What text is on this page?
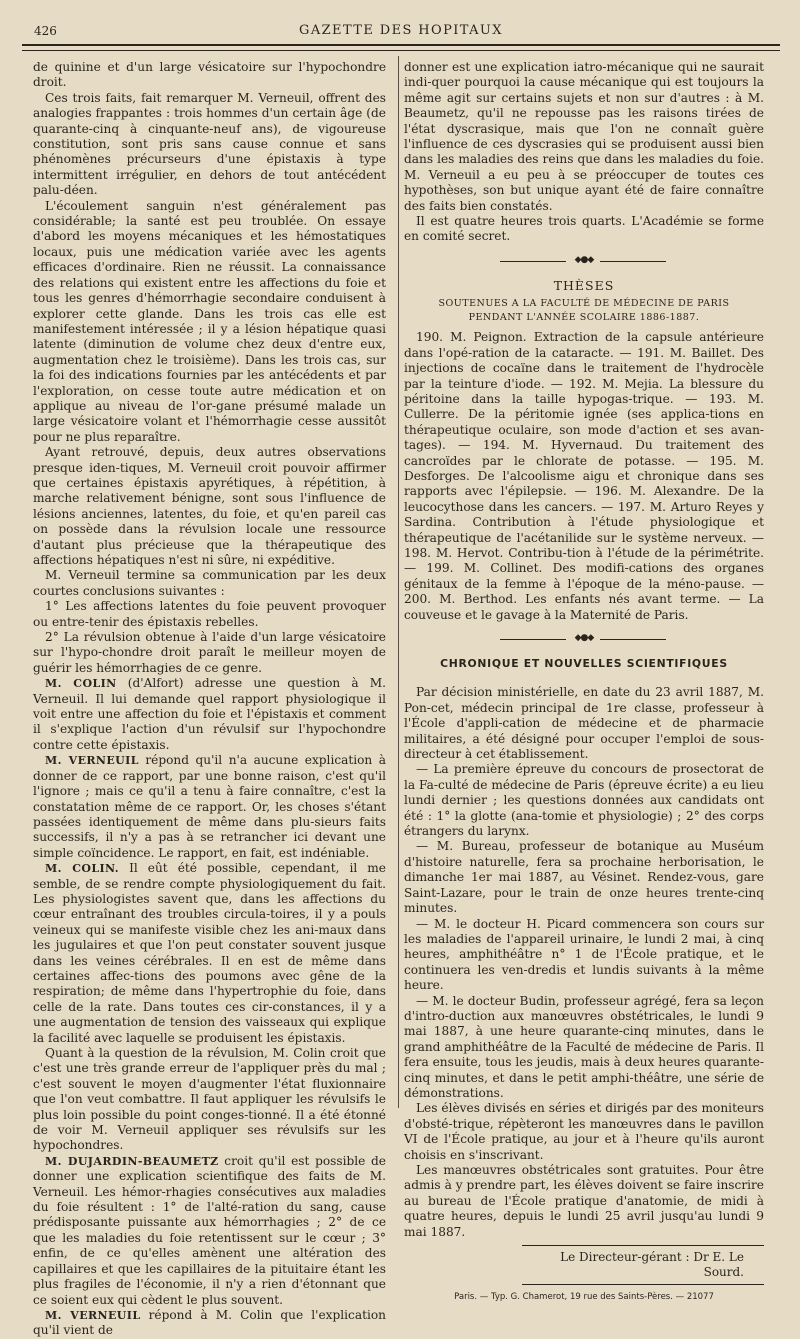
426	GAZETTE DES HOPITAUX

de quinine et d'un large vésicatoire sur l'hypochondre droit.

Ces trois faits, fait remarquer M. Verneuil, offrent des analogies frappantes : trois hommes d'un certain âge (de quarante-cinq à cinquante-neuf ans), de vigoureuse constitution, sont pris sans cause connue et sans phénomènes précurseurs d'une épistaxis à type intermittent irrégulier, en dehors de tout antécédent palu-déen.

L'écoulement sanguin n'est généralement pas considérable; la santé est peu troublée. On essaye d'abord les moyens mécaniques et les hémostatiques locaux, puis une médication variée avec les agents efficaces d'ordinaire. Rien ne réussit. La connaissance des relations qui existent entre les affections du foie et tous les genres d'hémorrhagie secondaire conduisent à explorer cette glande. Dans les trois cas elle est manifestement intéressée ; il y a lésion hépatique quasi latente (diminution de volume chez deux d'entre eux, augmentation chez le troisième). Dans les trois cas, sur la foi des indications fournies par les antécédents et par l'exploration, on cesse toute autre médication et on applique au niveau de l'or-gane présumé malade un large vésicatoire volant et l'hémorrhagie cesse aussitôt pour ne plus reparaître.

Ayant retrouvé, depuis, deux autres observations presque iden-tiques, M. Verneuil croit pouvoir affirmer que certaines épistaxis apyrétiques, à répétition, à marche relativement bénigne, sont sous l'influence de lésions anciennes, latentes, du foie, et qu'en pareil cas on possède dans la révulsion locale une ressource d'autant plus précieuse que la thérapeutique des affections hépatiques n'est ni sûre, ni expéditive.

M. Verneuil termine sa communication par les deux courtes conclusions suivantes :

1° Les affections latentes du foie peuvent provoquer ou entre-tenir des épistaxis rebelles.

2° La révulsion obtenue à l'aide d'un large vésicatoire sur l'hypo-chondre droit paraît le meilleur moyen de guérir les hémorrhagies de ce genre.

M. COLIN (d'Alfort) adresse une question à M. Verneuil. Il lui demande quel rapport physiologique il voit entre une affection du foie et l'épistaxis et comment il s'explique l'action d'un révulsif sur l'hypochondre contre cette épistaxis.

M. VERNEUIL répond qu'il n'a aucune explication à donner de ce rapport, par une bonne raison, c'est qu'il l'ignore ; mais ce qu'il a tenu à faire connaître, c'est la constatation même de ce rapport. Or, les choses s'étant passées identiquement de même dans plu-sieurs faits successifs, il n'y a pas à se retrancher ici devant une simple coïncidence. Le rapport, en fait, est indéniable.

M. COLIN. Il eût été possible, cependant, il me semble, de se rendre compte physiologiquement du fait. Les physiologistes savent que, dans les affections du cœur entraînant des troubles circula-toires, il y a pouls veineux qui se manifeste visible chez les ani-maux dans les jugulaires et que l'on peut constater souvent jusque dans les veines cérébrales. Il en est de même dans certaines affec-tions des poumons avec gêne de la respiration; de même dans l'hypertrophie du foie, dans celle de la rate. Dans toutes ces cir-constances, il y a une augmentation de tension des vaisseaux qui explique la facilité avec laquelle se produisent les épistaxis.

Quant à la question de la révulsion, M. Colin croit que c'est une très grande erreur de l'appliquer près du mal ; c'est souvent le moyen d'augmenter l'état fluxionnaire que l'on veut combattre. Il faut appliquer les révulsifs le plus loin possible du point conges-tionné. Il a été étonné de voir M. Verneuil appliquer ses révulsifs sur les hypochondres.

M. DUJARDIN-BEAUMETZ croit qu'il est possible de donner une explication scientifique des faits de M. Verneuil. Les hémor-rhagies consécutives aux maladies du foie résultent : 1° de l'alté-ration du sang, cause prédisposante puissante aux hémorrhagies ; 2° de ce que les maladies du foie retentissent sur le cœur ; 3° enfin, de ce qu'elles amènent une altération des capillaires et que les capillaires de la pituitaire étant les plus fragiles de l'économie, il n'y a rien d'étonnant que ce soient eux qui cèdent le plus souvent.

M. VERNEUIL répond à M. Colin que l'explication qu'il vient de

donner est une explication iatro-mécanique qui ne saurait indi-quer pourquoi la cause mécanique qui est toujours la même agit sur certains sujets et non sur d'autres : à M. Beaumetz, qu'il ne repousse pas les raisons tirées de l'état dyscrasique, mais que l'on ne connaît guère l'influence de ces dyscrasies qui se produisent aussi bien dans les maladies des reins que dans les maladies du foie. M. Verneuil a eu peu à se préoccuper de toutes ces hypothèses, son but unique ayant été de faire connaître des faits bien constatés.

Il est quatre heures trois quarts. L'Académie se forme en comité secret.

◆●◆
THÈSES
SOUTENUES A LA FACULTÉ DE MÉDECINE DE PARIS
PENDANT L'ANNÉE SCOLAIRE 1886-1887.

190. M. Peignon. Extraction de la capsule antérieure dans l'opé-ration de la cataracte. — 191. M. Baillet. Des injections de cocaïne dans le traitement de l'hydrocèle par la teinture d'iode. — 192. M. Mejia. La blessure du péritoine dans la taille hypogas-trique. — 193. M. Cullerre. De la péritomie ignée (ses applica-tions en thérapeutique oculaire, son mode d'action et ses avan-tages). — 194. M. Hyvernaud. Du traitement des cancroïdes par le chlorate de potasse. — 195. M. Desforges. De l'alcoolisme aigu et chronique dans ses rapports avec l'épilepsie. — 196. M. Alexandre. De la leucocythose dans les cancers. — 197. M. Arturo Reyes y Sardina. Contribution à l'étude physiologique et thérapeutique de l'acétanilide sur le système nerveux. — 198. M. Hervot. Contribu-tion à l'étude de la périmétrite. — 199. M. Collinet. Des modifi-cations des organes génitaux de la femme à l'époque de la méno-pause. — 200. M. Berthod. Les enfants nés avant terme. — La couveuse et le gavage à la Maternité de Paris.

◆●◆
CHRONIQUE ET NOUVELLES SCIENTIFIQUES

Par décision ministérielle, en date du 23 avril 1887, M. Pon-cet, médecin principal de 1re classe, professeur à l'École d'appli-cation de médecine et de pharmacie militaires, a été désigné pour occuper l'emploi de sous-directeur à cet établissement.

— La première épreuve du concours de prosectorat de la Fa-culté de médecine de Paris (épreuve écrite) a eu lieu lundi dernier ; les questions données aux candidats ont été : 1° la glotte (ana-tomie et physiologie) ; 2° des corps étrangers du larynx.

— M. Bureau, professeur de botanique au Muséum d'histoire naturelle, fera sa prochaine herborisation, le dimanche 1er mai 1887, au Vésinet. Rendez-vous, gare Saint-Lazare, pour le train de onze heures trente-cinq minutes.

— M. le docteur H. Picard commencera son cours sur les maladies de l'appareil urinaire, le lundi 2 mai, à cinq heures, amphithéâtre n° 1 de l'École pratique, et le continuera les ven-dredis et lundis suivants à la même heure.

— M. le docteur Budin, professeur agrégé, fera sa leçon d'intro-duction aux manœuvres obstétricales, le lundi 9 mai 1887, à une heure quarante-cinq minutes, dans le grand amphithéâtre de la Faculté de médecine de Paris. Il fera ensuite, tous les jeudis, mais à deux heures quarante-cinq minutes, et dans le petit amphi-théâtre, une série de démonstrations.

Les élèves divisés en séries et dirigés par des moniteurs d'obsté-trique, répèteront les manœuvres dans le pavillon VI de l'École pratique, au jour et à l'heure qu'ils auront choisis en s'inscrivant.

Les manœuvres obstétricales sont gratuites. Pour être admis à y prendre part, les élèves doivent se faire inscrire au bureau de l'École pratique d'anatomie, de midi à quatre heures, depuis le lundi 25 avril jusqu'au lundi 9 mai 1887.

Le Directeur-gérant : Dr E. Le Sourd.
Paris. — Typ. G. Chamerot, 19 rue des Saints-Pères. — 21077
